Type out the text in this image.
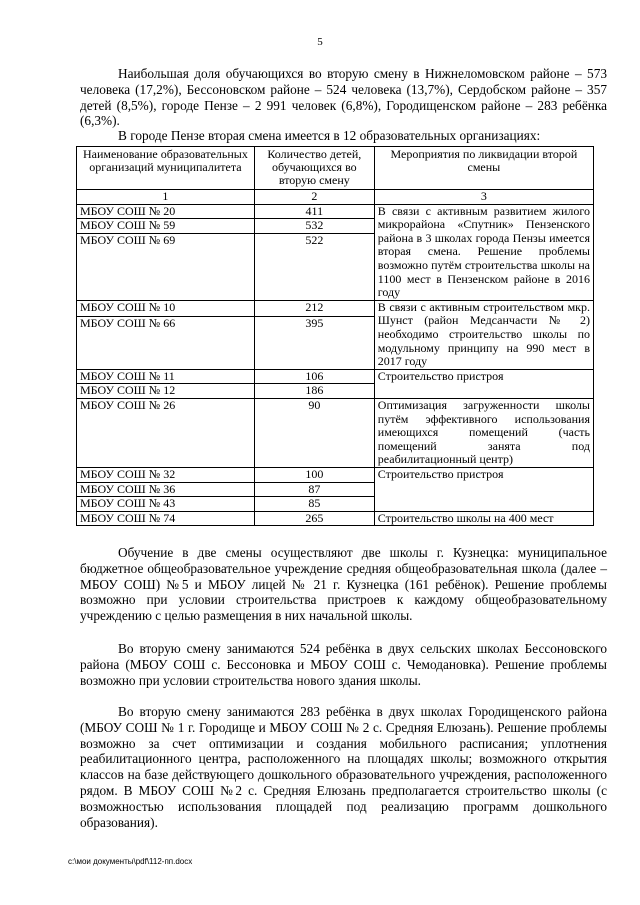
5

Наибольшая доля обучающихся во вторую смену в Нижнеломовском районе – 573 человека (17,2%), Бессоновском районе – 524 человека (13,7%), Сердобском районе – 357 детей (8,5%), городе Пензе – 2 991 человек (6,8%), Городищенском районе – 283 ребёнка (6,3%).

В городе Пензе вторая смена имеется в 12 образовательных организациях:

Наименование образовательных организаций муниципалитета	Количество детей, обучающихся во вторую смену	Мероприятия по ликвидации второй смены
1	2	3
МБОУ СОШ № 20	411	В связи с активным развитием жилого микрорайона «Спутник» Пензенского района в 3 школах города Пензы имеется вторая смена. Решение проблемы возможно путём строительства школы на 1100 мест в Пензенском районе в 2016 году
МБОУ СОШ № 59	532	
МБОУ СОШ № 69	522	
МБОУ СОШ № 10	212	В связи с активным строительством мкр. Шунст (район Медсанчасти № 2) необходимо строительство школы по модульному принципу на 990 мест в 2017 году
МБОУ СОШ № 66	395	
МБОУ СОШ № 11	106	Строительство пристроя
МБОУ СОШ № 12	186	
МБОУ СОШ № 26	90	Оптимизация загруженности школы путём эффективного использования имеющихся помещений (часть помещений занята под реабилитационный центр)
МБОУ СОШ № 32	100	Строительство пристроя
МБОУ СОШ № 36	87	
МБОУ СОШ № 43	85	
МБОУ СОШ № 74	265	Строительство школы на 400 мест

Обучение в две смены осуществляют две школы г. Кузнецка: муниципальное бюджетное общеобразовательное учреждение средняя общеобразовательная школа (далее – МБОУ СОШ) №5 и МБОУ лицей № 21 г. Кузнецка (161 ребёнок). Решение проблемы возможно при условии строительства пристроев к каждому общеобразовательному учреждению с целью размещения в них начальной школы.

Во вторую смену занимаются 524 ребёнка в двух сельских школах Бессоновского района (МБОУ СОШ с. Бессоновка и МБОУ СОШ с. Чемодановка). Решение проблемы возможно при условии строительства нового здания школы.

Во вторую смену занимаются 283 ребёнка в двух школах Городищенского района (МБОУ СОШ № 1 г. Городище и МБОУ СОШ № 2 с. Средняя Елюзань). Решение проблемы возможно за счет оптимизации и создания мобильного расписания; уплотнения реабилитационного центра, расположенного на площадях школы; возможного открытия классов на базе действующего дошкольного образовательного учреждения, расположенного рядом. В МБОУ СОШ №2 с. Средняя Елюзань предполагается строительство школы (с возможностью использования площадей под реализацию программ дошкольного образования).

c:\мои документы\pdf\112-пп.docx
